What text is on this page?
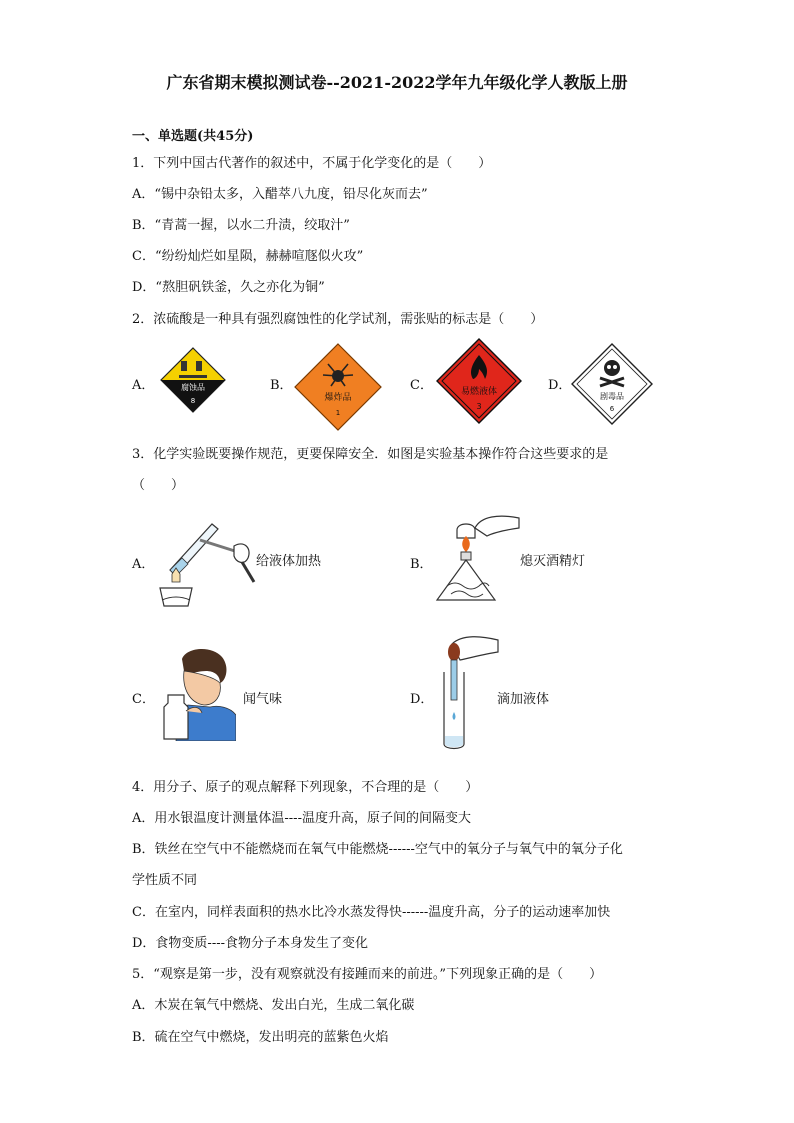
广东省期末模拟测试卷--2021-2022学年九年级化学人教版上册
一、单选题(共45分)
1．下列中国古代著作的叙述中，不属于化学变化的是（　　）
A．“锡中杂铅太多，入醋萃八九度，铅尽化灰而去”
B．“青蒿一握，以水二升渍，绞取汁”
C．“纷纷灿烂如星陨，赫赫喧豗似火攻”
D．“熬胆矾铁釜，久之亦化为铜”
2．浓硫酸是一种具有强烈腐蚀性的化学试剂，需张贴的标志是（　　）
A．	腐蚀品
8
B．
爆炸品
1
C．	易燃液体
3
D．
剧毒品
6
3．化学实验既要操作规范，更要保障安全．如图是实验基本操作符合这些要求的是
（　　）
A．	给液体加热	B．	熄灭酒精灯
C．	闻气味	D．	滴加液体
4．用分子、原子的观点解释下列现象，不合理的是（　　）
A．用水银温度计测量体温----温度升高，原子间的间隔变大
B．铁丝在空气中不能燃烧而在氧气中能燃烧------空气中的氧分子与氧气中的氧分子化
学性质不同
C．在室内，同样表面积的热水比冷水蒸发得快------温度升高，分子的运动速率加快
D．食物变质----食物分子本身发生了变化
5．“观察是第一步，没有观察就没有接踵而来的前进。”下列现象正确的是（　　）
A．木炭在氧气中燃烧、发出白光，生成二氧化碳
B．硫在空气中燃烧，发出明亮的蓝紫色火焰
